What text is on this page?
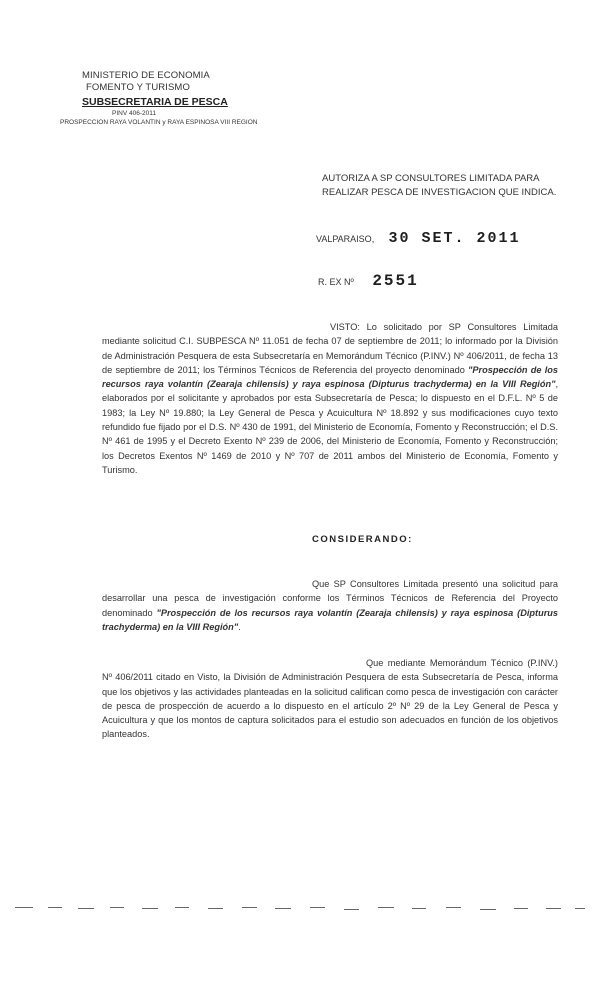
MINISTERIO DE ECONOMIA
FOMENTO Y TURISMO
SUBSECRETARIA DE PESCA
PINV 406-2011
PROSPECCION RAYA VOLANTIN y RAYA ESPINOSA VIII REGION
AUTORIZA A SP CONSULTORES LIMITADA PARA REALIZAR PESCA DE INVESTIGACION QUE INDICA.
VALPARAISO, 30 SET. 2011
R. EX Nº 2551
VISTO: Lo solicitado por SP Consultores Limitada mediante solicitud C.I. SUBPESCA Nº 11.051 de fecha 07 de septiembre de 2011; lo informado por la División de Administración Pesquera de esta Subsecretaría en Memorándum Técnico (P.INV.) Nº 406/2011, de fecha 13 de septiembre de 2011; los Términos Técnicos de Referencia del proyecto denominado "Prospección de los recursos raya volantín (Zearaja chilensis) y raya espinosa (Dipturus trachyderma) en la VIII Región", elaborados por el solicitante y aprobados por esta Subsecretaría de Pesca; lo dispuesto en el D.F.L. Nº 5 de 1983; la Ley Nº 19.880; la Ley General de Pesca y Acuicultura Nº 18.892 y sus modificaciones cuyo texto refundido fue fijado por el D.S. Nº 430 de 1991, del Ministerio de Economía, Fomento y Reconstrucción; el D.S. Nº 461 de 1995 y el Decreto Exento Nº 239 de 2006, del Ministerio de Economía, Fomento y Reconstrucción; los Decretos Exentos Nº 1469 de 2010 y Nº 707 de 2011 ambos del Ministerio de Economía, Fomento y Turismo.
CONSIDERANDO:
Que SP Consultores Limitada presentó una solicitud para desarrollar una pesca de investigación conforme los Términos Técnicos de Referencia del Proyecto denominado "Prospección de los recursos raya volantín (Zearaja chilensis) y raya espinosa (Dipturus trachyderma) en la VIII Región".
Que mediante Memorándum Técnico (P.INV.) Nº 406/2011 citado en Visto, la División de Administración Pesquera de esta Subsecretaría de Pesca, informa que los objetivos y las actividades planteadas en la solicitud califican como pesca de investigación con carácter de pesca de prospección de acuerdo a lo dispuesto en el artículo 2º Nº 29 de la Ley General de Pesca y Acuicultura y que los montos de captura solicitados para el estudio son adecuados en función de los objetivos planteados.
